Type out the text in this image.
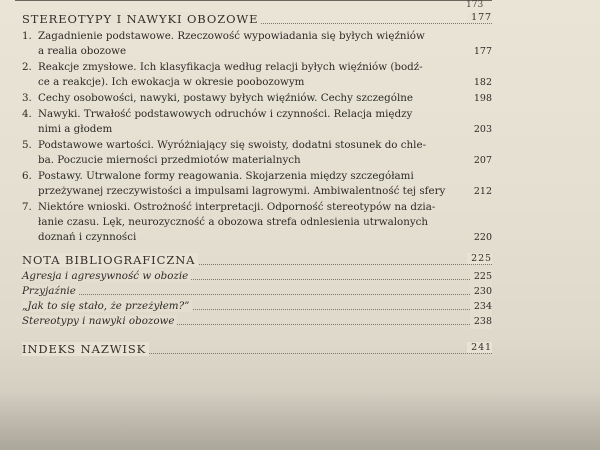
173
STEREOTYPY I NAWYKI OBOZOWE	177
1. Zagadnienie podstawowe. Rzeczowość wypowiadania się byłych więźniów
a realia obozowe	177
2. Reakcje zmysłowe. Ich klasyfikacja według relacji byłych więźniów (bodź-
ce a reakcje). Ich ewokacja w okresie poobozowym	182
3. Cechy osobowości, nawyki, postawy byłych więźniów. Cechy szczególne	198
4. Nawyki. Trwałość podstawowych odruchów i czynności. Relacja między
nimi a głodem	203
5. Podstawowe wartości. Wyróżniający się swoisty, dodatni stosunek do chle-
ba. Poczucie mierności przedmiotów materialnych	207
6. Postawy. Utrwalone formy reagowania. Skojarzenia między szczegółami
przeżywanej rzeczywistości a impulsami lagrowymi. Ambiwalentność tej sfery	212
7. Niektóre wnioski. Ostrożność interpretacji. Odporność stereotypów na dzia-
łanie czasu. Lęk, neurozyczność a obozowa strefa odnlesienia utrwalonych
doznań i czynności	220
NOTA BIBLIOGRAFICZNA	225
Agresja i agresywność w obozie	225
Przyjaźnie	230
„Jak to się stało, że przeżyłem?”	234
Stereotypy i nawyki obozowe	238
INDEKS NAZWISK	241
